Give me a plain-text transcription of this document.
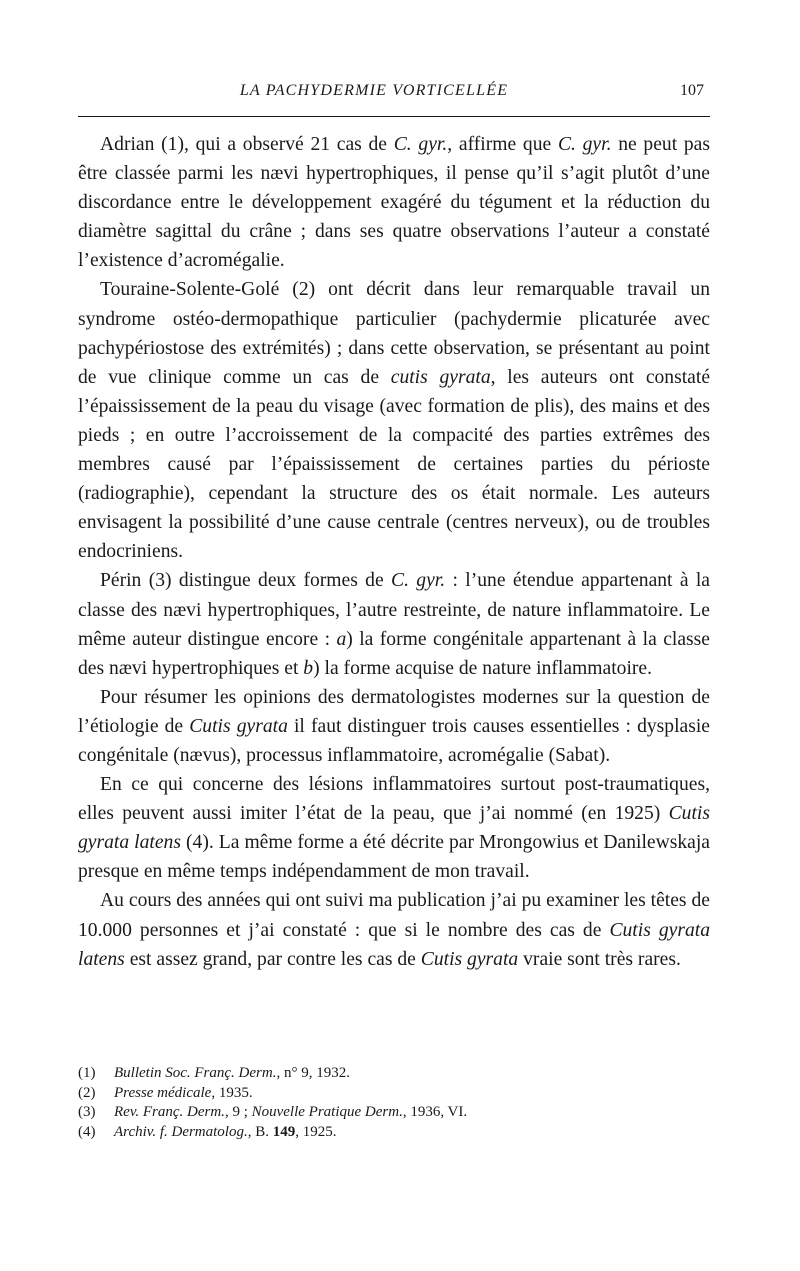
LA PACHYDERMIE VORTICELLÉE	107

Adrian (1), qui a observé 21 cas de C. gyr., affirme que C. gyr. ne peut pas être classée parmi les nævi hypertrophiques, il pense qu’il s’agit plutôt d’une discordance entre le développement exagéré du tégument et la réduction du diamètre sagittal du crâne ; dans ses quatre observations l’auteur a constaté l’existence d’acromégalie.

Touraine-Solente-Golé (2) ont décrit dans leur remarquable travail un syndrome ostéo-dermopathique particulier (pachydermie plicaturée avec pachypériostose des extrémités) ; dans cette observation, se présentant au point de vue clinique comme un cas de cutis gyrata, les auteurs ont constaté l’épaississement de la peau du visage (avec formation de plis), des mains et des pieds ; en outre l’accroissement de la compacité des parties extrêmes des membres causé par l’épaississement de certaines parties du périoste (radiographie), cependant la structure des os était normale. Les auteurs envisagent la possibilité d’une cause centrale (centres nerveux), ou de troubles endocriniens.

Périn (3) distingue deux formes de C. gyr. : l’une étendue appartenant à la classe des nævi hypertrophiques, l’autre restreinte, de nature inflammatoire. Le même auteur distingue encore : a) la forme congénitale appartenant à la classe des nævi hypertrophiques et b) la forme acquise de nature inflammatoire.

Pour résumer les opinions des dermatologistes modernes sur la question de l’étiologie de Cutis gyrata il faut distinguer trois causes essentielles : dysplasie congénitale (nævus), processus inflammatoire, acromégalie (Sabat).

En ce qui concerne des lésions inflammatoires surtout post-traumatiques, elles peuvent aussi imiter l’état de la peau, que j’ai nommé (en 1925) Cutis gyrata latens (4). La même forme a été décrite par Mrongowius et Danilewskaja presque en même temps indépendamment de mon travail.

Au cours des années qui ont suivi ma publication j’ai pu examiner les têtes de 10.000 personnes et j’ai constaté : que si le nombre des cas de Cutis gyrata latens est assez grand, par contre les cas de Cutis gyrata vraie sont très rares.

(1) Bulletin Soc. Franç. Derm., n° 9, 1932.
(2) Presse médicale, 1935.
(3) Rev. Franç. Derm., 9 ; Nouvelle Pratique Derm., 1936, VI.
(4) Archiv. f. Dermatolog., B. 149, 1925.
